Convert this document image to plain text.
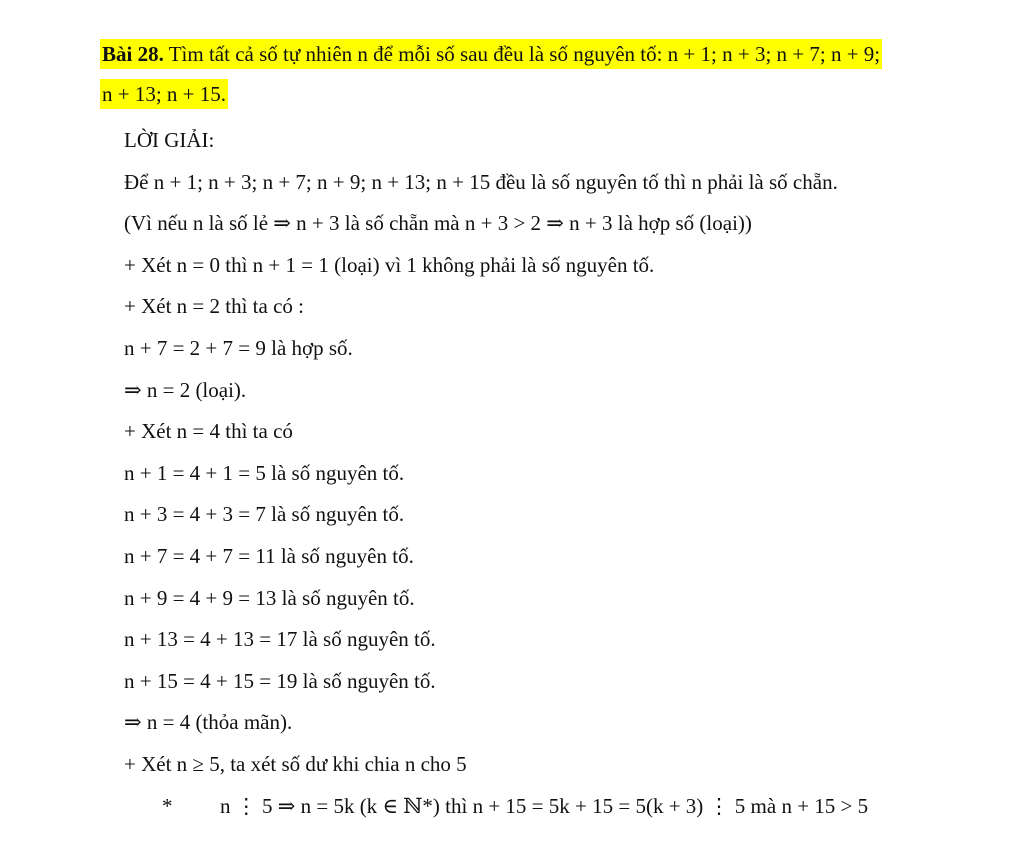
Bài 28. Tìm tất cả số tự nhiên n để mỗi số sau đều là số nguyên tố: n + 1; n + 3; n + 7; n + 9;
n + 13; n + 15.
LỜI GIẢI:
Để n + 1; n + 3; n + 7; n + 9; n + 13; n + 15 đều là số nguyên tố thì n phải là số chẵn.
(Vì nếu n là số lẻ ⇒ n + 3 là số chẵn mà n + 3 > 2 ⇒ n + 3 là hợp số (loại))
+ Xét n = 0 thì n + 1 = 1 (loại) vì 1 không phải là số nguyên tố.
+ Xét n = 2 thì ta có :
n + 7 = 2 + 7 = 9 là hợp số.
⇒ n = 2 (loại).
+ Xét n = 4 thì ta có
n + 1 = 4 + 1 = 5 là số nguyên tố.
n + 3 = 4 + 3 = 7 là số nguyên tố.
n + 7 = 4 + 7 = 11 là số nguyên tố.
n + 9 = 4 + 9 = 13 là số nguyên tố.
n + 13 = 4 + 13 = 17 là số nguyên tố.
n + 15 = 4 + 15 = 19 là số nguyên tố.
⇒ n = 4 (thỏa mãn).
+ Xét n ≥ 5, ta xét số dư khi chia n cho 5
* n ⋮ 5 ⇒ n = 5k (k ∈ ℕ*) thì n + 15 = 5k + 15 = 5(k + 3) ⋮ 5 mà n + 15 > 5
